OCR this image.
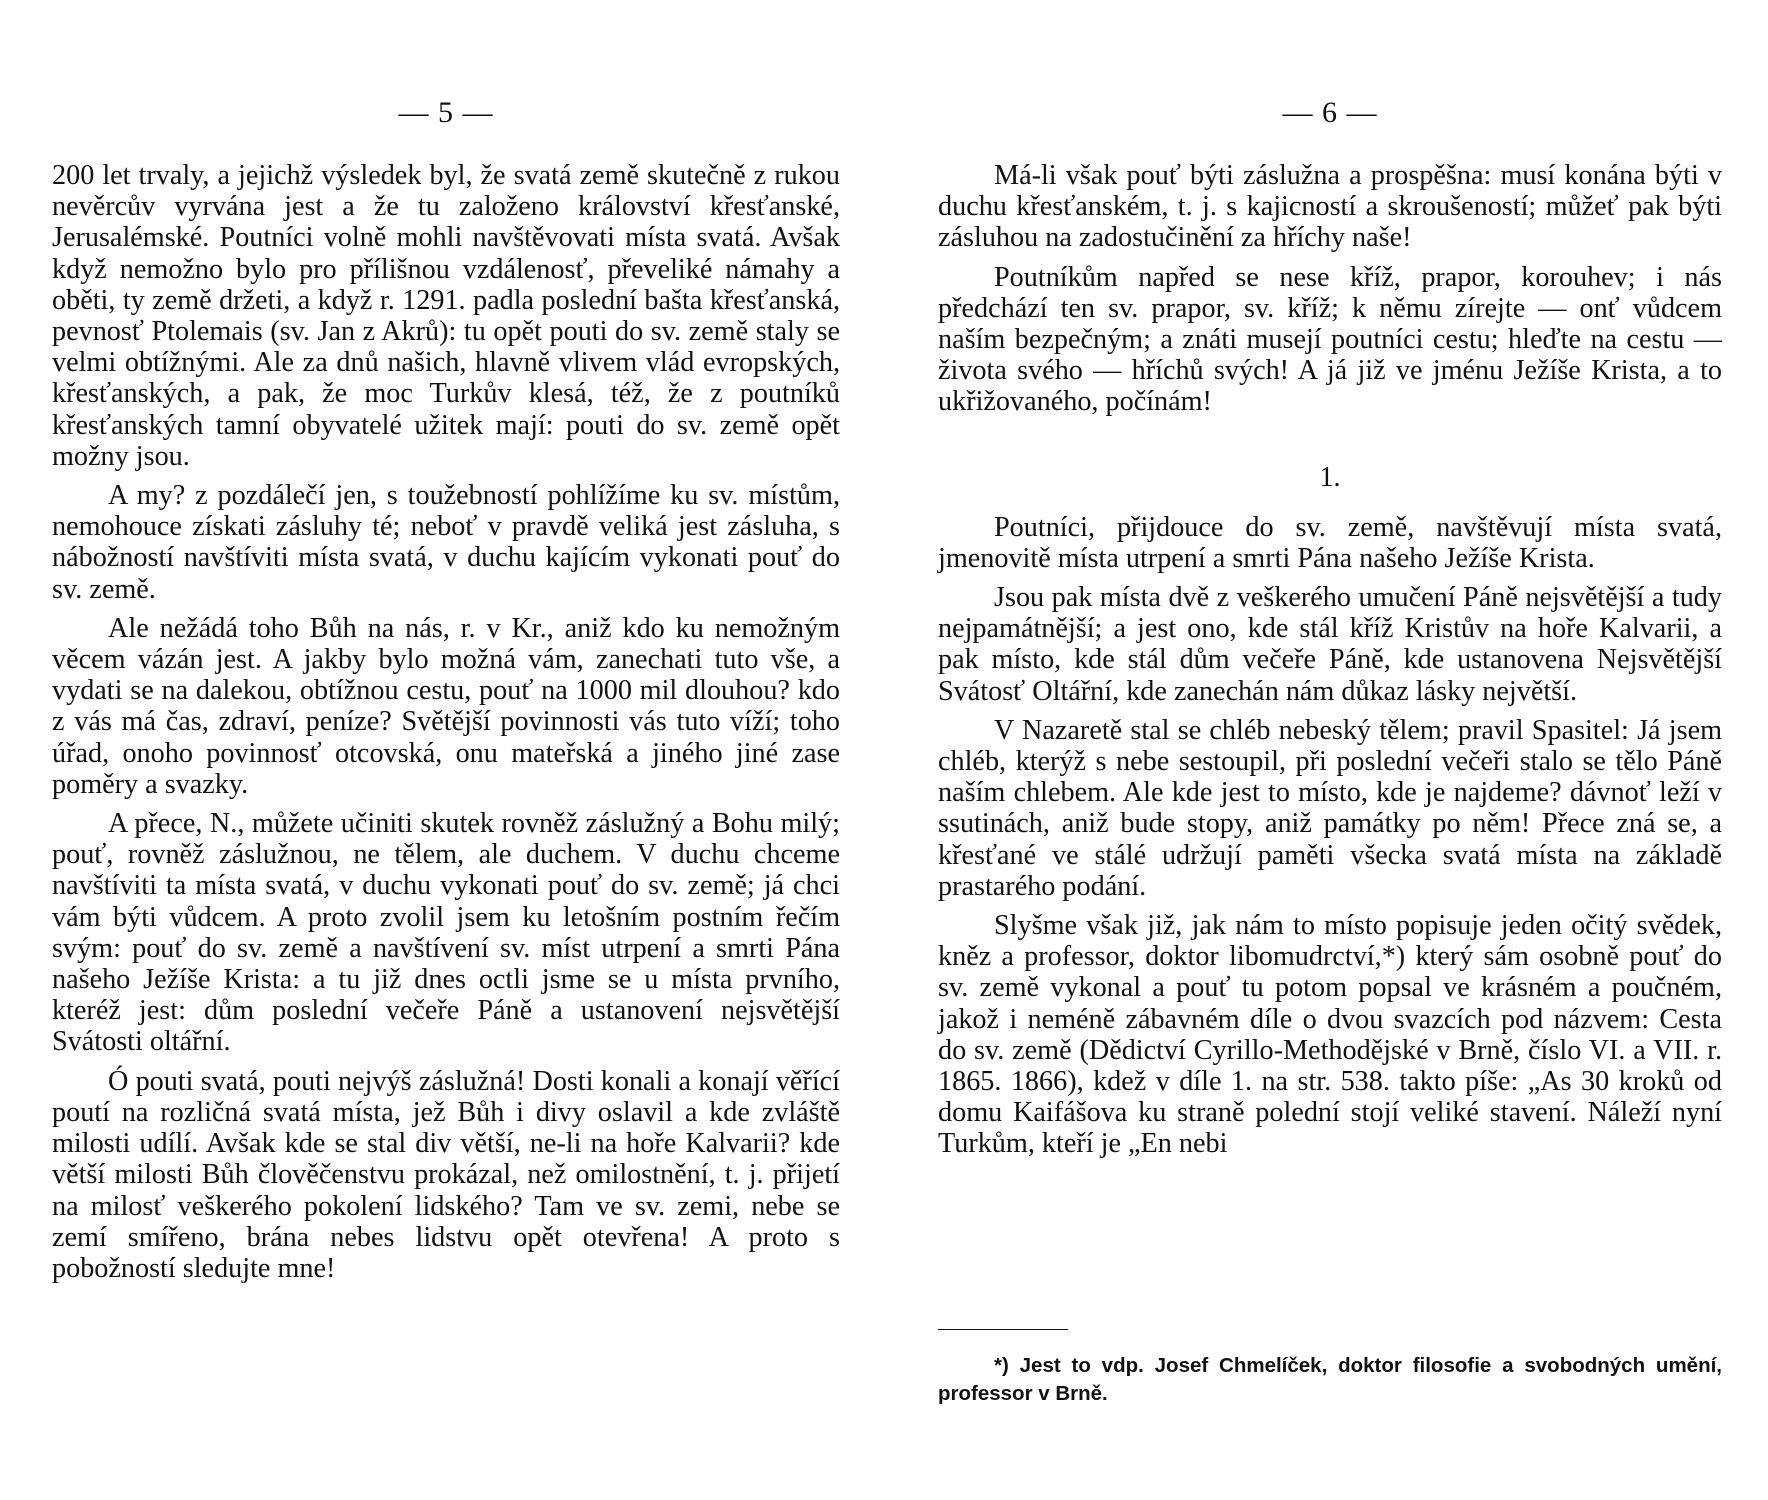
— 5 —

200 let trvaly, a jejichž výsledek byl, že svatá země skutečně z rukou nevěrcův vyrvána jest a že tu založeno království křesťanské, Jerusalémské. Poutníci volně mohli navštěvovati místa svatá. Avšak když nemožno bylo pro přílišnou vzdálenosť, převeliké námahy a oběti, ty země držeti, a když r. 1291. padla poslední bašta křesťanská, pevnosť Ptolemais (sv. Jan z Akrů): tu opět pouti do sv. země staly se velmi obtížnými. Ale za dnů našich, hlavně vlivem vlád evropských, křesťanských, a pak, že moc Turkův klesá, též, že z poutníků křesťanských tamní obyvatelé užitek mají: pouti do sv. země opět možny jsou.

A my? z pozdálečí jen, s toužebností pohlížíme ku sv. místům, nemohouce získati zásluhy té; neboť v pravdě veliká jest zásluha, s nábožností navštíviti místa svatá, v duchu kajícím vykonati pouť do sv. země.

Ale nežádá toho Bůh na nás, r. v Kr., aniž kdo ku nemožným věcem vázán jest. A jakby bylo možná vám, zanechati tuto vše, a vydati se na dalekou, obtížnou cestu, pouť na 1000 mil dlouhou? kdo z vás má čas, zdraví, peníze? Světější povinnosti vás tuto víží; toho úřad, onoho povinnosť otcovská, onu mateřská a jiného jiné zase poměry a svazky.

A přece, N., můžete učiniti skutek rovněž záslužný a Bohu milý; pouť, rovněž záslužnou, ne tělem, ale duchem. V duchu chceme navštíviti ta místa svatá, v duchu vykonati pouť do sv. země; já chci vám býti vůdcem. A proto zvolil jsem ku letošním postním řečím svým: pouť do sv. země a navštívení sv. míst utrpení a smrti Pána našeho Ježíše Krista: a tu již dnes octli jsme se u místa prvního, kteréž jest: dům poslední večeře Páně a ustanovení nejsvětější Svátosti oltářní.

Ó pouti svatá, pouti nejvýš záslužná! Dosti konali a konají věřící poutí na rozličná svatá místa, jež Bůh i divy oslavil a kde zvláště milosti udílí. Avšak kde se stal div větší, ne-li na hoře Kalvarii? kde větší milosti Bůh člověčenstvu prokázal, než omilostnění, t. j. přijetí na milosť veškerého pokolení lidského? Tam ve sv. zemi, nebe se zemí smířeno, brána nebes lidstvu opět otevřena! A proto s pobožností sledujte mne!

— 6 —

Má-li však pouť býti záslužna a prospěšna: musí konána býti v duchu křesťanském, t. j. s kajicností a skroušeností; můžeť pak býti zásluhou na zadostučinění za hříchy naše!

Poutníkům napřed se nese kříž, prapor, korouhev; i nás předchází ten sv. prapor, sv. kříž; k němu zírejte — onť vůdcem naším bezpečným; a znáti musejí poutníci cestu; hleďte na cestu — života svého — hříchů svých! A já již ve jménu Ježíše Krista, a to ukřižovaného, počínám!

1.

Poutníci, přijdouce do sv. země, navštěvují místa svatá, jmenovitě místa utrpení a smrti Pána našeho Ježíše Krista.

Jsou pak místa dvě z veškerého umučení Páně nejsvětější a tudy nejpamátnější; a jest ono, kde stál kříž Kristův na hoře Kalvarii, a pak místo, kde stál dům večeře Páně, kde ustanovena Nejsvětější Svátosť Oltářní, kde zanechán nám důkaz lásky největší.

V Nazaretě stal se chléb nebeský tělem; pravil Spasitel: Já jsem chléb, kterýž s nebe sestoupil, při poslední večeři stalo se tělo Páně naším chlebem. Ale kde jest to místo, kde je najdeme? dávnoť leží v ssutinách, aniž bude stopy, aniž památky po něm! Přece zná se, a křesťané ve stálé udržují paměti všecka svatá místa na základě prastarého podání.

Slyšme však již, jak nám to místo popisuje jeden očitý svědek, kněz a professor, doktor libomudrctví,*) který sám osobně pouť do sv. země vykonal a pouť tu potom popsal ve krásném a poučném, jakož i neméně zábavném díle o dvou svazcích pod názvem: Cesta do sv. země (Dědictví Cyrillo-Methodějské v Brně, číslo VI. a VII. r. 1865. 1866), kdež v díle 1. na str. 538. takto píše: „As 30 kroků od domu Kaifášova ku straně polední stojí veliké stavení. Náleží nyní Turkům, kteří je „En nebi

*) Jest to vdp. Josef Chmelíček, doktor filosofie a svobodných umění, professor v Brně.
